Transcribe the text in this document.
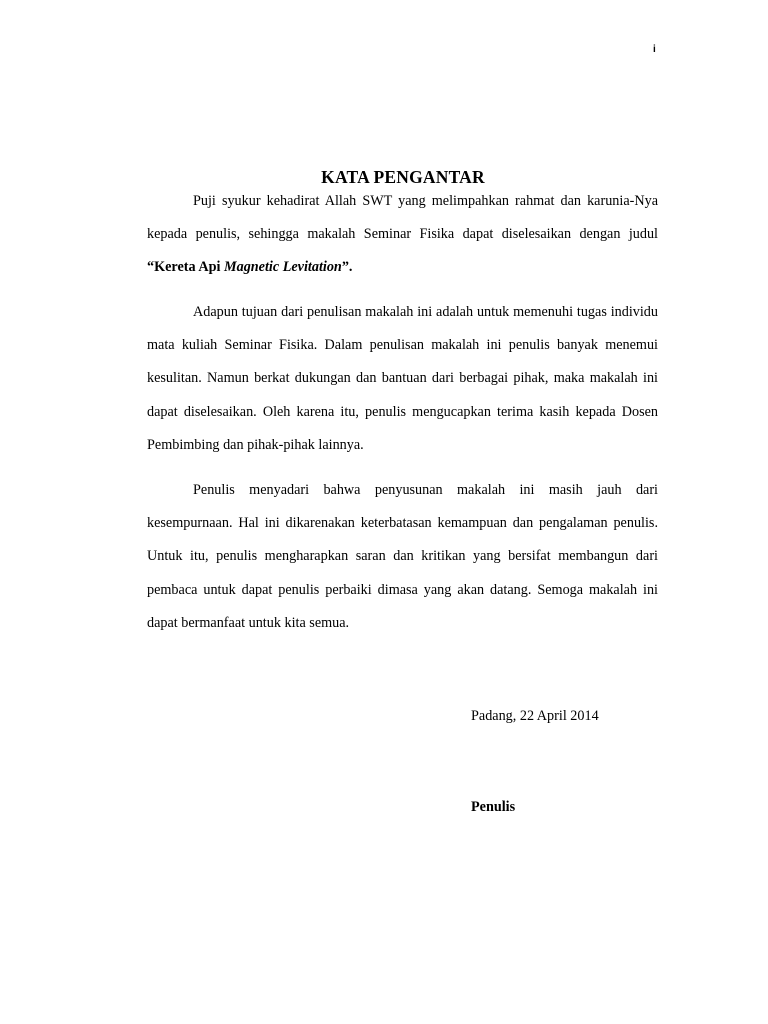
i
KATA PENGANTAR
Puji syukur kehadirat Allah SWT yang melimpahkan rahmat dan karunia-Nya kepada penulis, sehingga makalah Seminar Fisika dapat diselesaikan dengan judul “Kereta Api Magnetic Levitation”.
Adapun tujuan dari penulisan makalah ini adalah untuk memenuhi tugas individu mata kuliah Seminar Fisika. Dalam penulisan makalah ini penulis banyak menemui kesulitan. Namun berkat dukungan dan bantuan dari berbagai pihak, maka makalah ini dapat diselesaikan. Oleh karena itu, penulis mengucapkan terima kasih kepada Dosen Pembimbing dan pihak-pihak lainnya.
Penulis menyadari bahwa penyusunan makalah ini masih jauh dari kesempurnaan. Hal ini dikarenakan keterbatasan kemampuan dan pengalaman penulis. Untuk itu, penulis mengharapkan saran dan kritikan yang bersifat membangun dari pembaca untuk dapat penulis perbaiki dimasa yang akan datang. Semoga makalah ini dapat bermanfaat untuk kita semua.
Padang, 22 April 2014
Penulis
